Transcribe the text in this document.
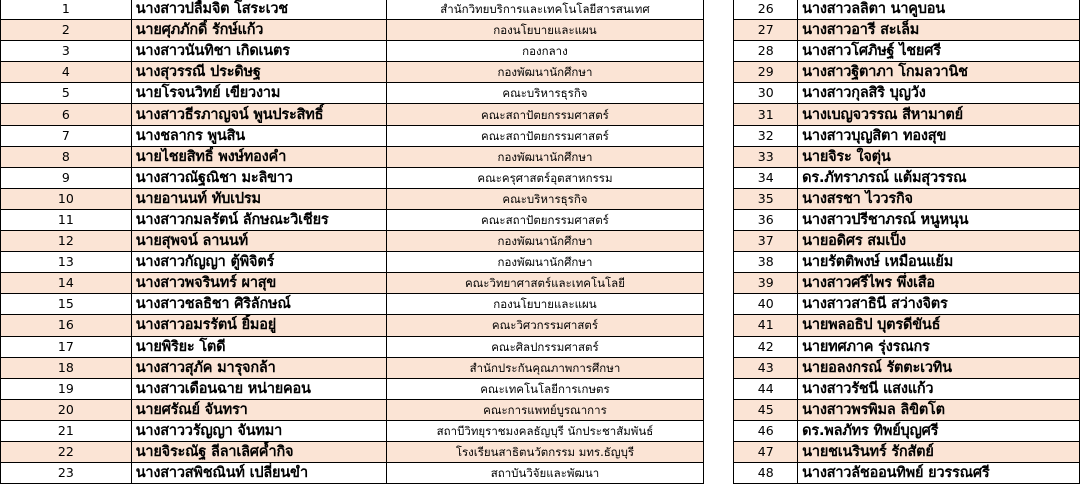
1	นางสาวปลื้มจิต โสระเวช	สำนักวิทยบริการและเทคโนโลยีสารสนเทศ		26	นางสาวลลิตา นาคูบอน
2	นายศุภภักดิ์ รักษ์แก้ว	กองนโยบายและแผน		27	นางสาวอารี สะเล็ม
3	นางสาวนันทิชา เกิดเนตร	กองกลาง		28	นางสาวโศภิษฐ์ ไชยศรี
4	นางสุวรรณี ประดิษฐ	กองพัฒนานักศึกษา		29	นางสาวฐิตาภา โกมลวานิช
5	นายโรจนวิทย์ เขียวงาม	คณะบริหารธุรกิจ		30	นางสาวกุลสิริ บุญวัง
6	นางสาวธีรภาญจน์ พูนประสิทธิ์	คณะสถาปัตยกรรมศาสตร์		31	นางเบญจวรรณ สีหามาตย์
7	นางชลากร พูนสิน	คณะสถาปัตยกรรมศาสตร์		32	นางสาวบุญสิตา ทองสุข
8	นายไชยสิทธิ์ พงษ์ทองคำ	กองพัฒนานักศึกษา		33	นายจิระ ใจตุ่น
9	นางสาวณัฐณิชา มะลิขาว	คณะครุศาสตร์อุตสาหกรรม		34	ดร.ภัทราภรณ์ แต้มสุวรรณ
10	นายอานนท์ ทับเปรม	คณะบริหารธุรกิจ		35	นางสรชา ไววรกิจ
11	นางสาวกมลรัตน์ ลักษณะวิเชียร	คณะสถาปัตยกรรมศาสตร์		36	นางสาวปรีชาภรณ์ หนูหนุน
12	นายสุพจน์ ลานนท์	กองพัฒนานักศึกษา		37	นายอดิศร สมเป็ง
13	นางสาวกัญญา ตู้พิจิตร์	กองพัฒนานักศึกษา		38	นายรัตติพงษ์ เหมือนแย้ม
14	นางสาวพจรินทร์ ผาสุข	คณะวิทยาศาสตร์และเทคโนโลยี		39	นางสาวศรีไพร พึ่งเสือ
15	นางสาวชลธิชา ศิริลักษณ์	กองนโยบายและแผน		40	นางสาวสาธินี สว่างจิตร
16	นางสาวอมรรัตน์ ยิ้มอยู่	คณะวิศวกรรมศาสตร์		41	นายพลอธิป บุตรดีขันธ์
17	นายพิริยะ โตดี	คณะศิลปกรรมศาสตร์		42	นายทศภาค รุ่งรณกร
18	นางสาวสุภัค มารุจกล้า	สำนักประกันคุณภาพการศึกษา		43	นายอลงกรณ์ รัตตะเวทิน
19	นางสาวเดือนฉาย หน่ายคอน	คณะเทคโนโลยีการเกษตร		44	นางสาวรัชนี แสงแก้ว
20	นายศรัณย์ จันทรา	คณะการแพทย์บูรณาการ		45	นางสาวพรพิมล ลิขิตโต
21	นางสาววรัญญา จันทมา	สถาบีวิทยุราชมงคลธัญบุรี นักประชาสัมพันธ์		46	ดร.พลภัทร ทิพย์บุญศรี
22	นายจิระณัฐ ลีลาเลิศค้ำกิจ	โรงเรียนสาธิตนวัตกรรม มทร.ธัญบุรี		47	นายชเนรินทร์ รักสัตย์
23	นางสาวสพิชณินท์ เปลี่ยนขำ	สถาบันวิจัยและพัฒนา		48	นางสาวลัชออนทิพย์ ยวรรณศรี
